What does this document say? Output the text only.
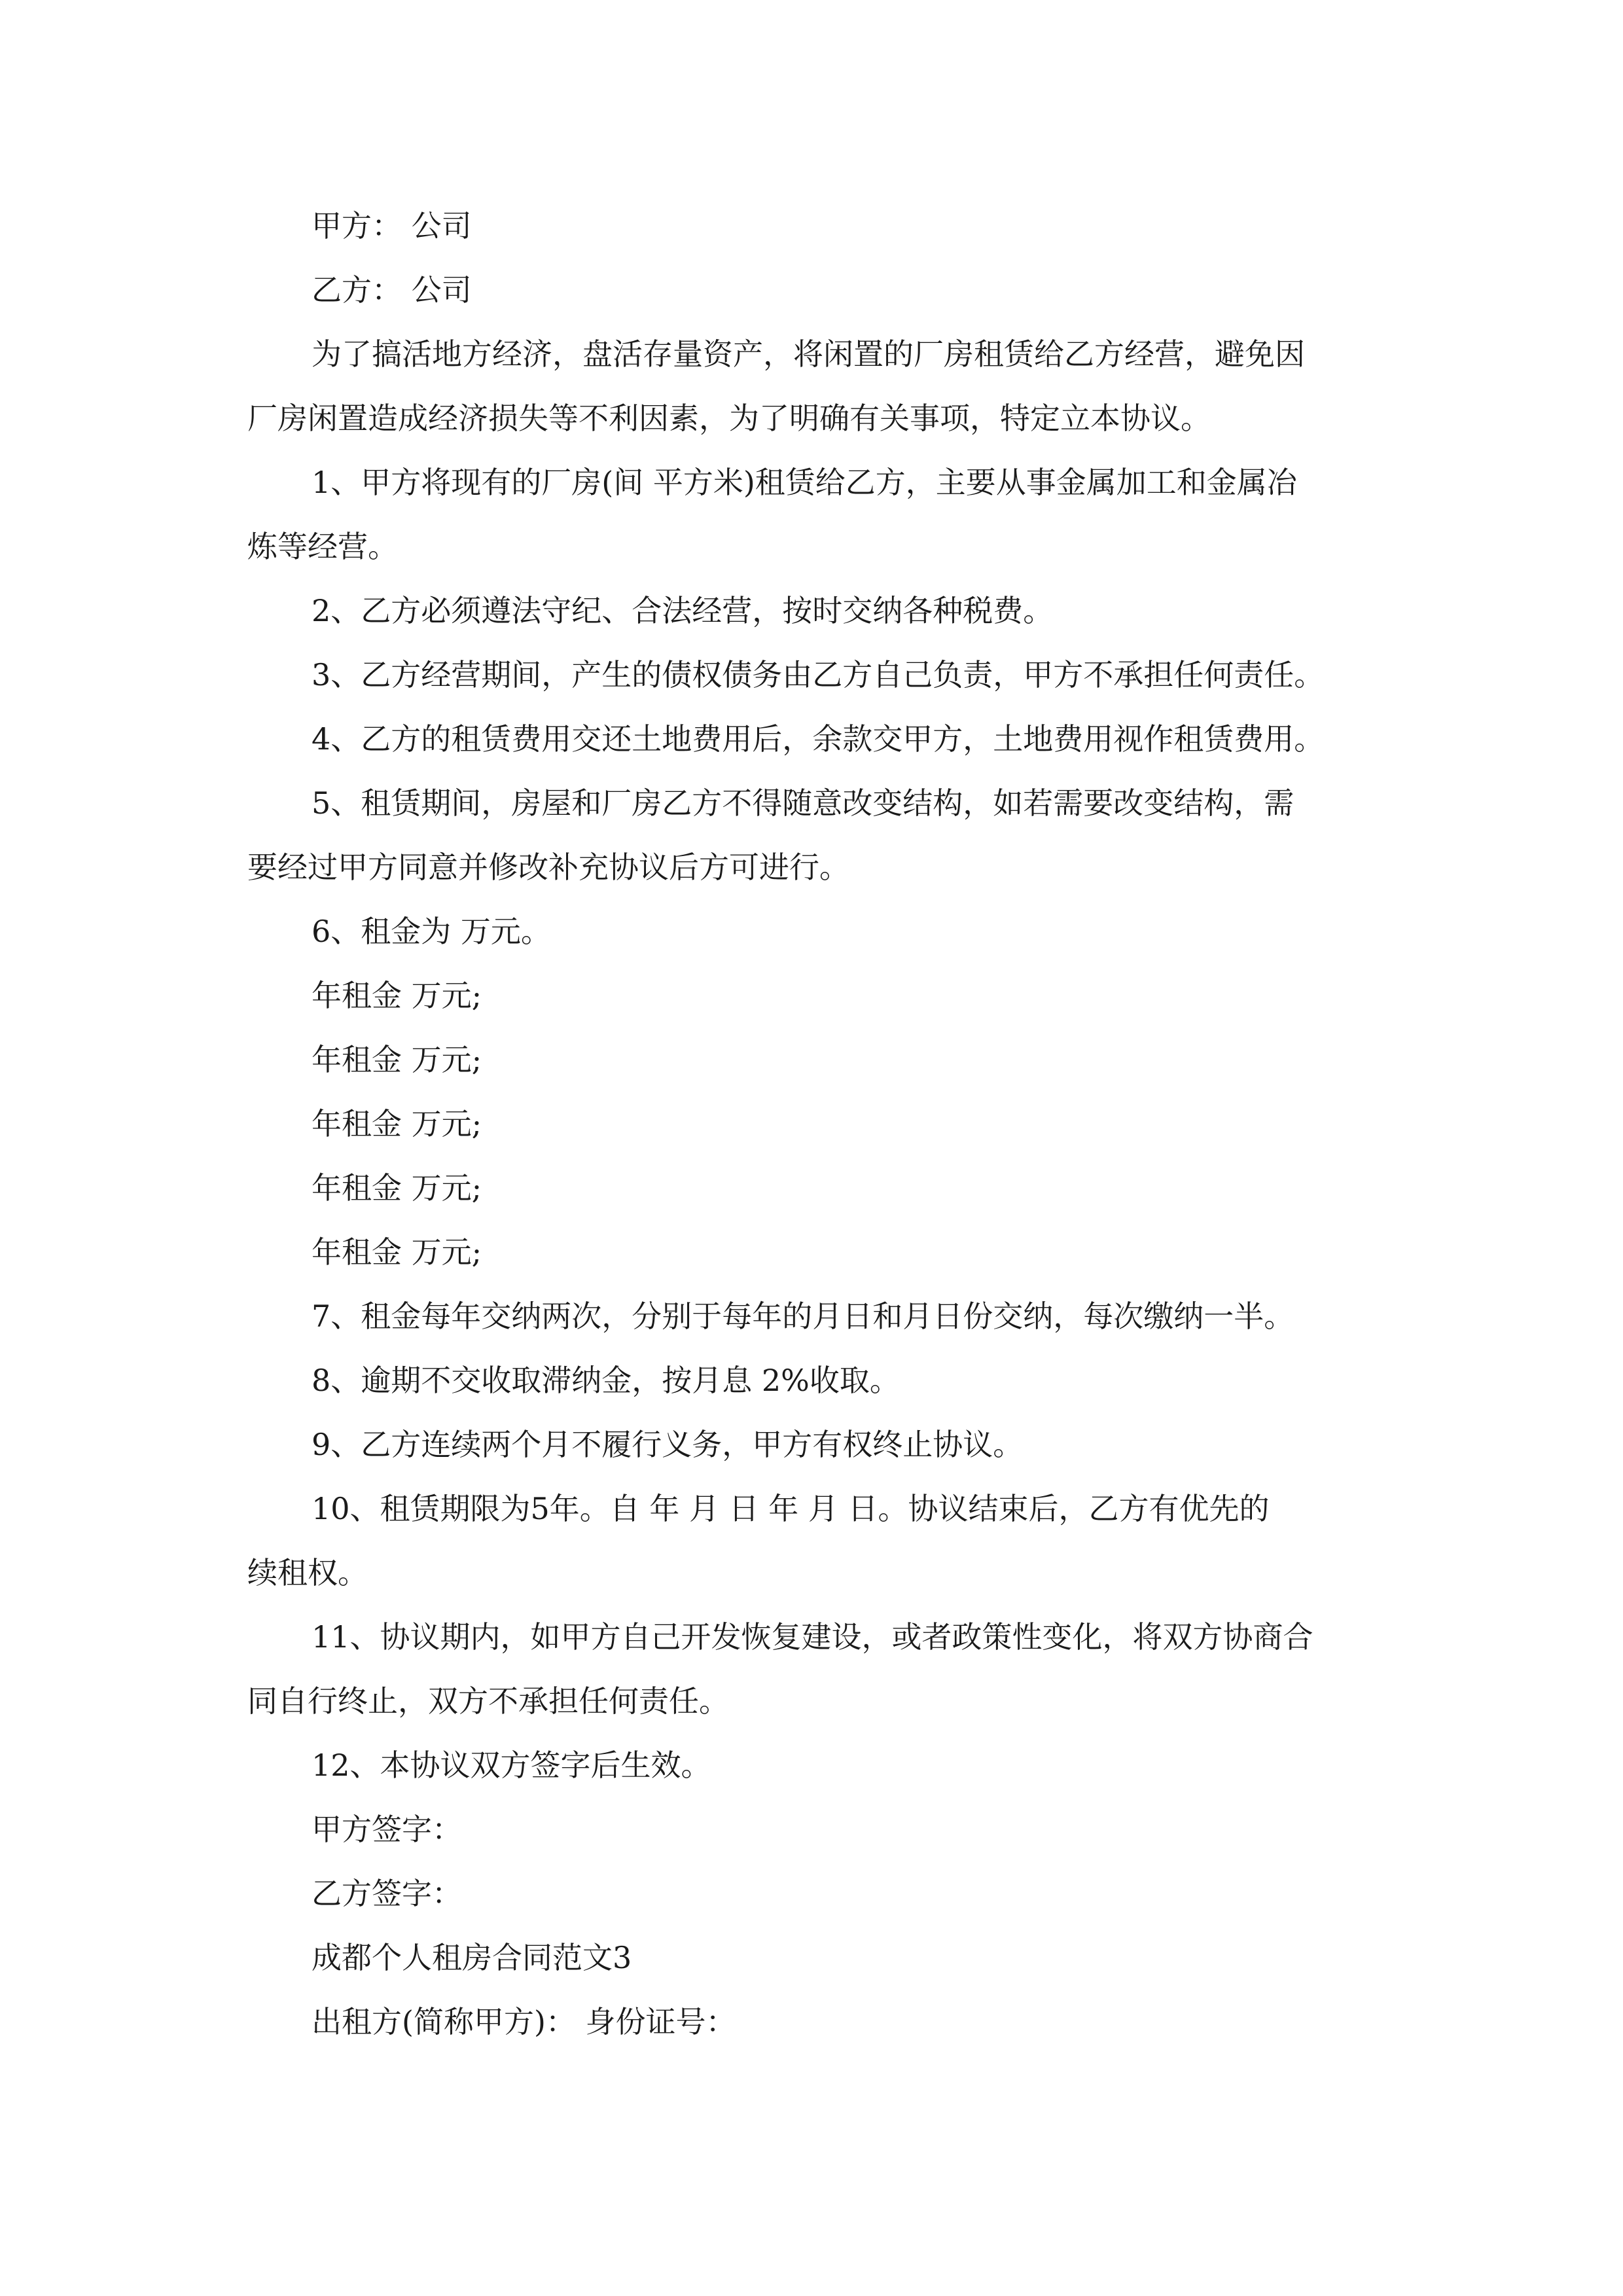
甲方： 公司
乙方： 公司
为了搞活地方经济，盘活存量资产，将闲置的厂房租赁给乙方经营，避免因
厂房闲置造成经济损失等不利因素，为了明确有关事项，特定立本协议。
1、甲方将现有的厂房(间 平方米)租赁给乙方，主要从事金属加工和金属冶
炼等经营。
2、乙方必须遵法守纪、合法经营，按时交纳各种税费。
3、乙方经营期间，产生的债权债务由乙方自己负责，甲方不承担任何责任。
4、乙方的租赁费用交还土地费用后，余款交甲方，土地费用视作租赁费用。
5、租赁期间，房屋和厂房乙方不得随意改变结构，如若需要改变结构，需
要经过甲方同意并修改补充协议后方可进行。
6、租金为 万元。
年租金 万元;
年租金 万元;
年租金 万元;
年租金 万元;
年租金 万元;
7、租金每年交纳两次，分别于每年的月日和月日份交纳，每次缴纳一半。
8、逾期不交收取滞纳金，按月息 2%收取。
9、乙方连续两个月不履行义务，甲方有权终止协议。
10、租赁期限为5年。自 年 月 日 年 月 日。协议结束后，乙方有优先的
续租权。
11、协议期内，如甲方自己开发恢复建设，或者政策性变化，将双方协商合
同自行终止，双方不承担任何责任。
12、本协议双方签字后生效。
甲方签字：
乙方签字：
成都个人租房合同范文3
出租方(简称甲方)： 身份证号：
